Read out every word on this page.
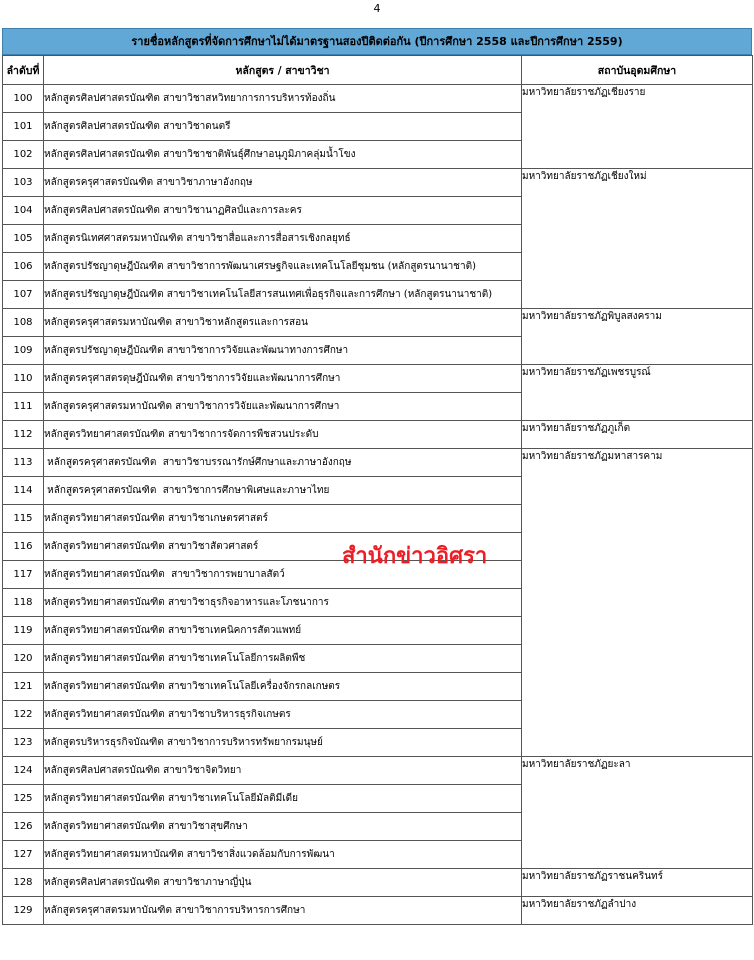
4
รายชื่อหลักสูตรที่จัดการศึกษาไม่ได้มาตรฐานสองปีติดต่อกัน (ปีการศึกษา 2558 และปีการศึกษา 2559)
ลำดับที่	หลักสูตร / สาขาวิชา	สถาบันอุดมศึกษา
100	หลักสูตรศิลปศาสตรบัณฑิต สาขาวิชาสหวิทยาการการบริหารท้องถิ่น	มหาวิทยาลัยราชภัฏเชียงราย
101	หลักสูตรศิลปศาสตรบัณฑิต สาขาวิชาดนตรี	
102	หลักสูตรศิลปศาสตรบัณฑิต สาขาวิชาชาติพันธุ์ศึกษาอนุภูมิภาคลุ่มน้ำโขง	
103	หลักสูตรครุศาสตรบัณฑิต สาขาวิชาภาษาอังกฤษ	มหาวิทยาลัยราชภัฏเชียงใหม่
104	หลักสูตรศิลปศาสตรบัณฑิต สาขาวิชานาฏศิลป์และการละคร	
105	หลักสูตรนิเทศศาสตรมหาบัณฑิต สาขาวิชาสื่อและการสื่อสารเชิงกลยุทธ์	
106	หลักสูตรปรัชญาดุษฎีบัณฑิต สาขาวิชาการพัฒนาเศรษฐกิจและเทคโนโลยีชุมชน (หลักสูตรนานาชาติ)	
107	หลักสูตรปรัชญาดุษฎีบัณฑิต สาขาวิชาเทคโนโลยีสารสนเทศเพื่อธุรกิจและการศึกษา (หลักสูตรนานาชาติ)	
108	หลักสูตรครุศาสตรมหาบัณฑิต สาขาวิชาหลักสูตรและการสอน	มหาวิทยาลัยราชภัฏพิบูลสงคราม
109	หลักสูตรปรัชญาดุษฎีบัณฑิต สาขาวิชาการวิจัยและพัฒนาทางการศึกษา	
110	หลักสูตรครุศาสตรดุษฎีบัณฑิต สาขาวิชาการวิจัยและพัฒนาการศึกษา	มหาวิทยาลัยราชภัฏเพชรบูรณ์
111	หลักสูตรครุศาสตรมหาบัณฑิต สาขาวิชาการวิจัยและพัฒนาการศึกษา	
112	หลักสูตรวิทยาศาสตรบัณฑิต สาขาวิชาการจัดการพืชสวนประดับ	มหาวิทยาลัยราชภัฏภูเก็ต
113	หลักสูตรครุศาสตรบัณฑิต  สาขาวิชาบรรณารักษ์ศึกษาและภาษาอังกฤษ	มหาวิทยาลัยราชภัฏมหาสารคาม
114	หลักสูตรครุศาสตรบัณฑิต  สาขาวิชาการศึกษาพิเศษและภาษาไทย	
115	หลักสูตรวิทยาศาสตรบัณฑิต สาขาวิชาเกษตรศาสตร์	
116	หลักสูตรวิทยาศาสตรบัณฑิต สาขาวิชาสัตวศาสตร์	
117	หลักสูตรวิทยาศาสตรบัณฑิต  สาขาวิชาการพยาบาลสัตว์	
118	หลักสูตรวิทยาศาสตรบัณฑิต สาขาวิชาธุรกิจอาหารและโภชนาการ	
119	หลักสูตรวิทยาศาสตรบัณฑิต สาขาวิชาเทคนิคการสัตวแพทย์	
120	หลักสูตรวิทยาศาสตรบัณฑิต สาขาวิชาเทคโนโลยีการผลิตพืช	
121	หลักสูตรวิทยาศาสตรบัณฑิต สาขาวิชาเทคโนโลยีเครื่องจักรกลเกษตร	
122	หลักสูตรวิทยาศาสตรบัณฑิต สาขาวิชาบริหารธุรกิจเกษตร	
123	หลักสูตรบริหารธุรกิจบัณฑิต สาขาวิชาการบริหารทรัพยากรมนุษย์	
124	หลักสูตรศิลปศาสตรบัณฑิต สาขาวิชาจิตวิทยา	มหาวิทยาลัยราชภัฏยะลา
125	หลักสูตรวิทยาศาสตรบัณฑิต สาขาวิชาเทคโนโลยีมัลติมีเดีย	
126	หลักสูตรวิทยาศาสตรบัณฑิต สาขาวิชาสุขศึกษา	
127	หลักสูตรวิทยาศาสตรมหาบัณฑิต สาขาวิชาสิ่งแวดล้อมกับการพัฒนา	
128	หลักสูตรศิลปศาสตรบัณฑิต สาขาวิชาภาษาญี่ปุ่น	มหาวิทยาลัยราชภัฏราชนครินทร์
129	หลักสูตรครุศาสตรมหาบัณฑิต สาขาวิชาการบริหารการศึกษา	มหาวิทยาลัยราชภัฏลำปาง
สำนักข่าวอิศรา
